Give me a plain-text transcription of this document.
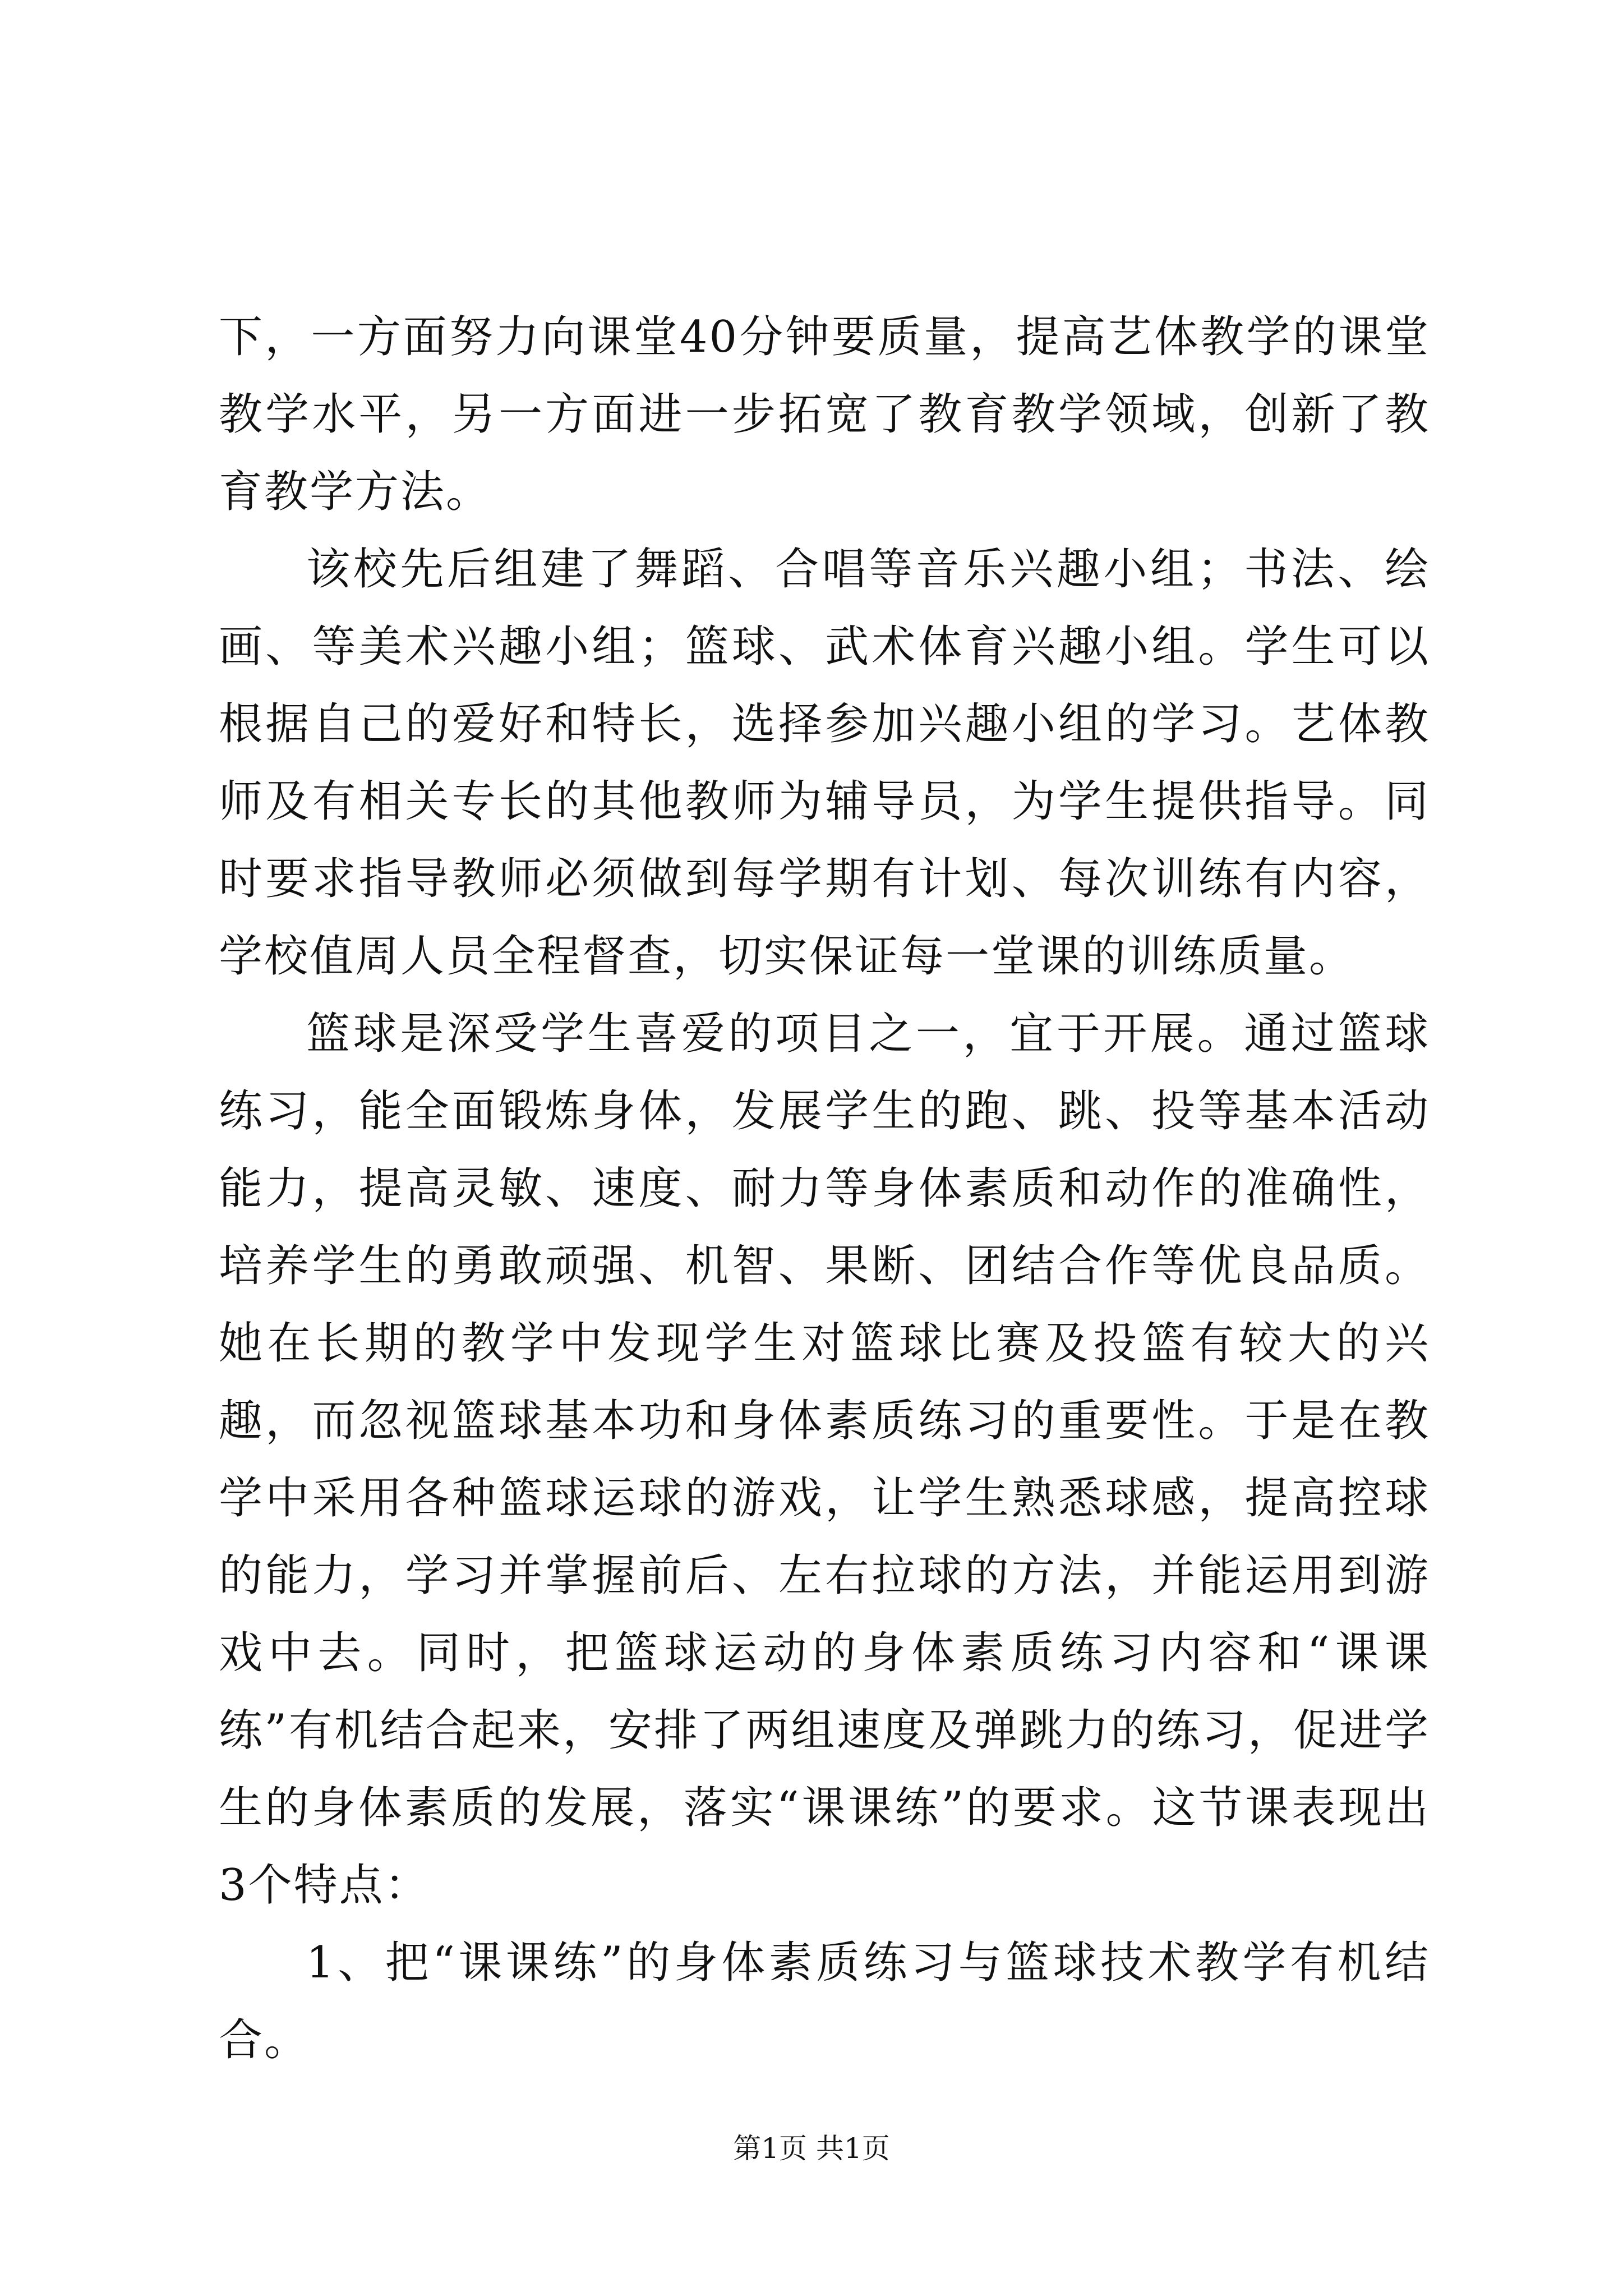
下，一方面努力向课堂40分钟要质量，提高艺体教学的课堂教学水平，另一方面进一步拓宽了教育教学领域，创新了教育教学方法。

该校先后组建了舞蹈、合唱等音乐兴趣小组；书法、绘画、等美术兴趣小组；篮球、武术体育兴趣小组。学生可以根据自己的爱好和特长，选择参加兴趣小组的学习。艺体教师及有相关专长的其他教师为辅导员，为学生提供指导。同时要求指导教师必须做到每学期有计划、每次训练有内容，学校值周人员全程督查，切实保证每一堂课的训练质量。

篮球是深受学生喜爱的项目之一，宜于开展。通过篮球练习，能全面锻炼身体，发展学生的跑、跳、投等基本活动能力，提高灵敏、速度、耐力等身体素质和动作的准确性，培养学生的勇敢顽强、机智、果断、团结合作等优良品质。她在长期的教学中发现学生对篮球比赛及投篮有较大的兴趣，而忽视篮球基本功和身体素质练习的重要性。于是在教学中采用各种篮球运球的游戏，让学生熟悉球感，提高控球的能力，学习并掌握前后、左右拉球的方法，并能运用到游戏中去。同时，把篮球运动的身体素质练习内容和“课课练”有机结合起来，安排了两组速度及弹跳力的练习，促进学生的身体素质的发展，落实“课课练”的要求。这节课表现出3个特点：

1、把“课课练”的身体素质练习与篮球技术教学有机结合。

第1页 共1页
